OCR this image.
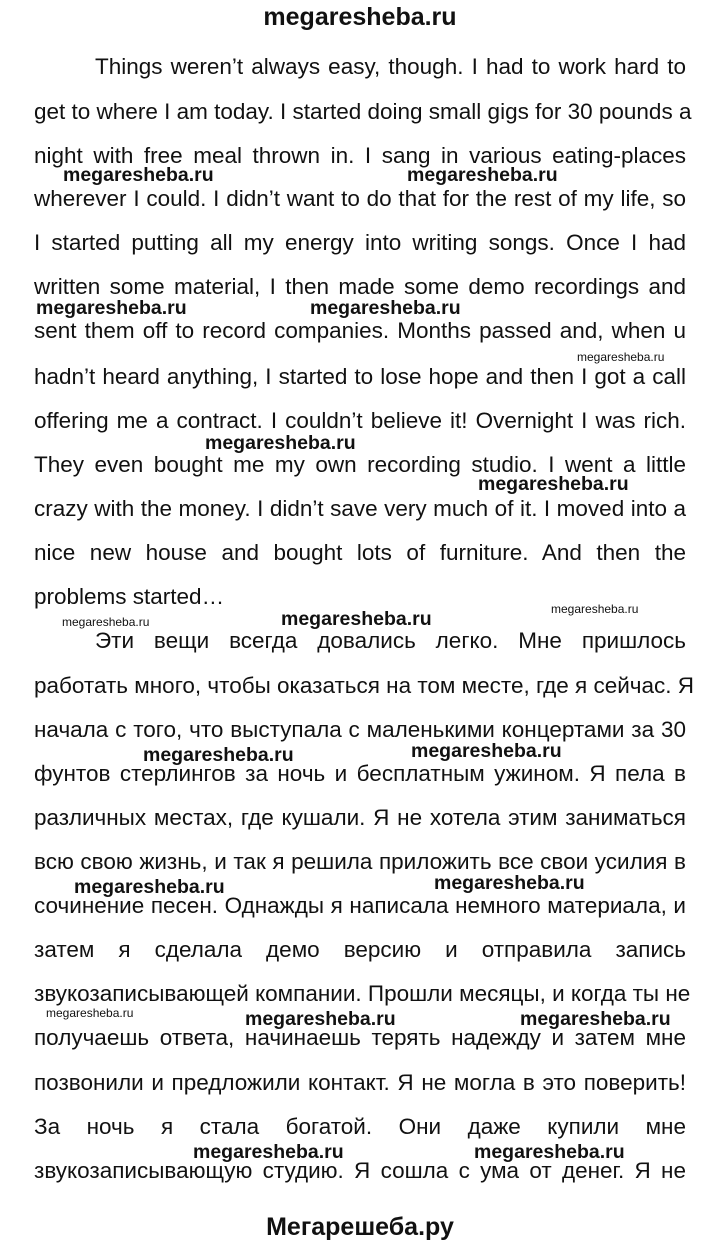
megaresheba.ru
Things weren’t always easy, though. I had to work hard to
get to where I am today. I started doing small gigs for 30 pounds a
night with free meal thrown in. I sang in various eating-places
wherever I could. I didn’t want to do that for the rest of my life, so
I started putting all my energy into writing songs. Once I had
written some material, I then made some demo recordings and
sent them off to record companies. Months passed and, when u
hadn’t heard anything, I started to lose hope and then I got a call
offering me a contract. I couldn’t believe it! Overnight I was rich.
They even bought me my own recording studio. I went a little
crazy with the money. I didn’t save very much of it. I moved into a
nice new house and bought lots of furniture. And then the
problems started…
Эти вещи всегда довались легко. Мне пришлось
работать много, чтобы оказаться на том месте, где я сейчас. Я
начала с того, что выступала с маленькими концертами за 30
фунтов стерлингов за ночь и бесплатным ужином. Я пела в
различных местах, где кушали. Я не хотела этим заниматься
всю свою жизнь, и так я решила приложить все свои усилия в
сочинение песен. Однажды я написала немного материала, и
затем я сделала демо версию и отправила запись
звукозаписывающей компании. Прошли месяцы, и когда ты не
получаешь ответа, начинаешь терять надежду и затем мне
позвонили и предложили контакт. Я не могла в это поверить!
За ночь я стала богатой. Они даже купили мне
звукозаписывающую студию. Я сошла с ума от денег. Я не
megaresheba.ru	megaresheba.ru
megaresheba.ru	megaresheba.ru
megaresheba.ru
megaresheba.ru
megaresheba.ru
megaresheba.ru
megaresheba.ru
megaresheba.ru
megaresheba.ru	megaresheba.ru
megaresheba.ru	megaresheba.ru
megaresheba.ru	megaresheba.ru	megaresheba.ru
megaresheba.ru	megaresheba.ru
Мегарешеба.ру
